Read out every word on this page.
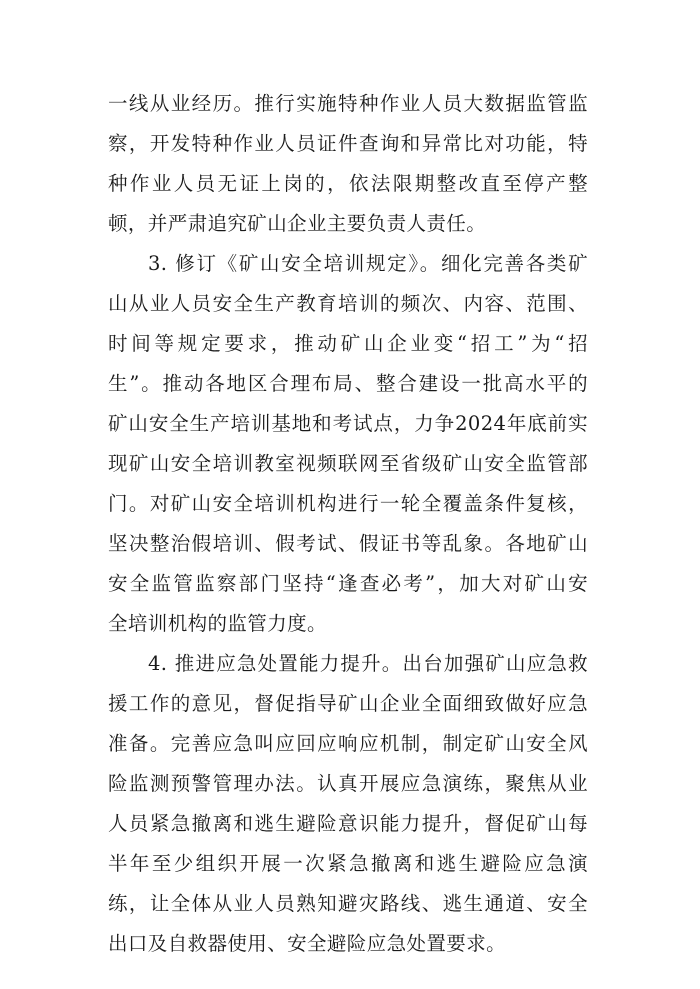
一线从业经历。推行实施特种作业人员大数据监管监
察，开发特种作业人员证件查询和异常比对功能，特
种作业人员无证上岗的，依法限期整改直至停产整
顿，并严肃追究矿山企业主要负责人责任。
3. 修订《矿山安全培训规定》。细化完善各类矿
山从业人员安全生产教育培训的频次、内容、范围、
时间等规定要求，推动矿山企业变“招工”为“招
生”。推动各地区合理布局、整合建设一批高水平的
矿山安全生产培训基地和考试点，力争2024年底前实
现矿山安全培训教室视频联网至省级矿山安全监管部
门。对矿山安全培训机构进行一轮全覆盖条件复核，
坚决整治假培训、假考试、假证书等乱象。各地矿山
安全监管监察部门坚持“逢查必考”，加大对矿山安
全培训机构的监管力度。
4. 推进应急处置能力提升。出台加强矿山应急救
援工作的意见，督促指导矿山企业全面细致做好应急
准备。完善应急叫应回应响应机制，制定矿山安全风
险监测预警管理办法。认真开展应急演练，聚焦从业
人员紧急撤离和逃生避险意识能力提升，督促矿山每
半年至少组织开展一次紧急撤离和逃生避险应急演
练，让全体从业人员熟知避灾路线、逃生通道、安全
出口及自救器使用、安全避险应急处置要求。
